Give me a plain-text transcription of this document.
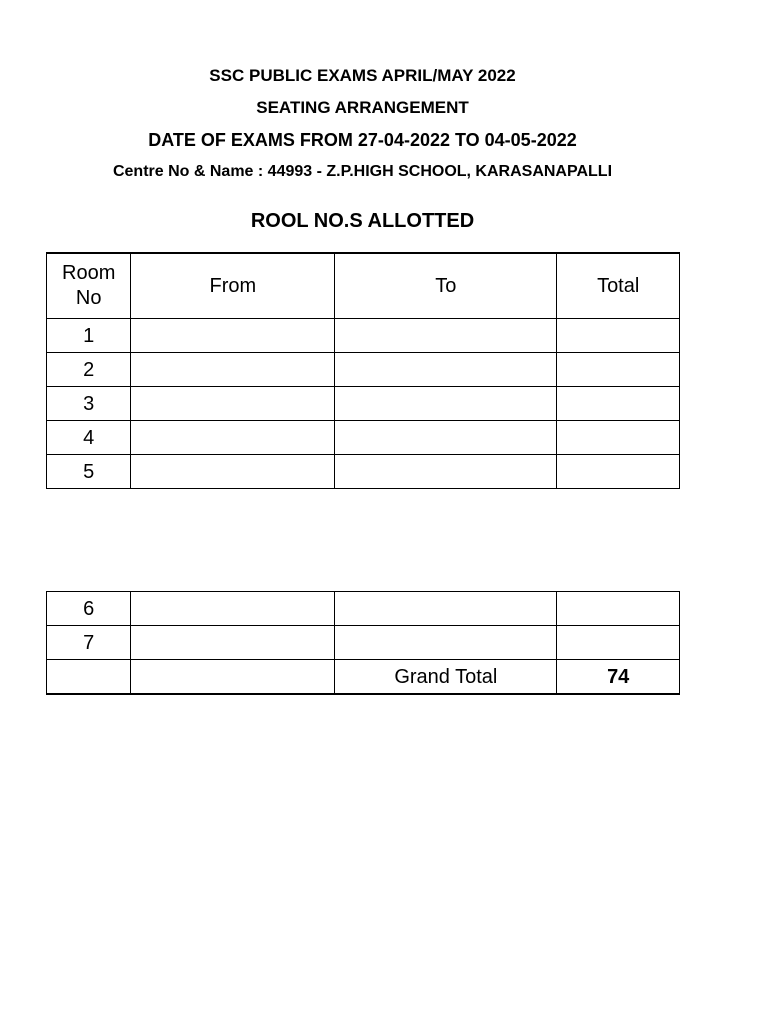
SSC PUBLIC EXAMS APRIL/MAY 2022
SEATING ARRANGEMENT
DATE OF EXAMS FROM 27-04-2022 TO 04-05-2022
Centre No & Name : 44993 - Z.P.HIGH SCHOOL, KARASANAPALLI
ROOL NO.S ALLOTTED
Room No	From	To	Total
1			
2			
3			
4			
5			
6			
7			
		Grand Total	74
